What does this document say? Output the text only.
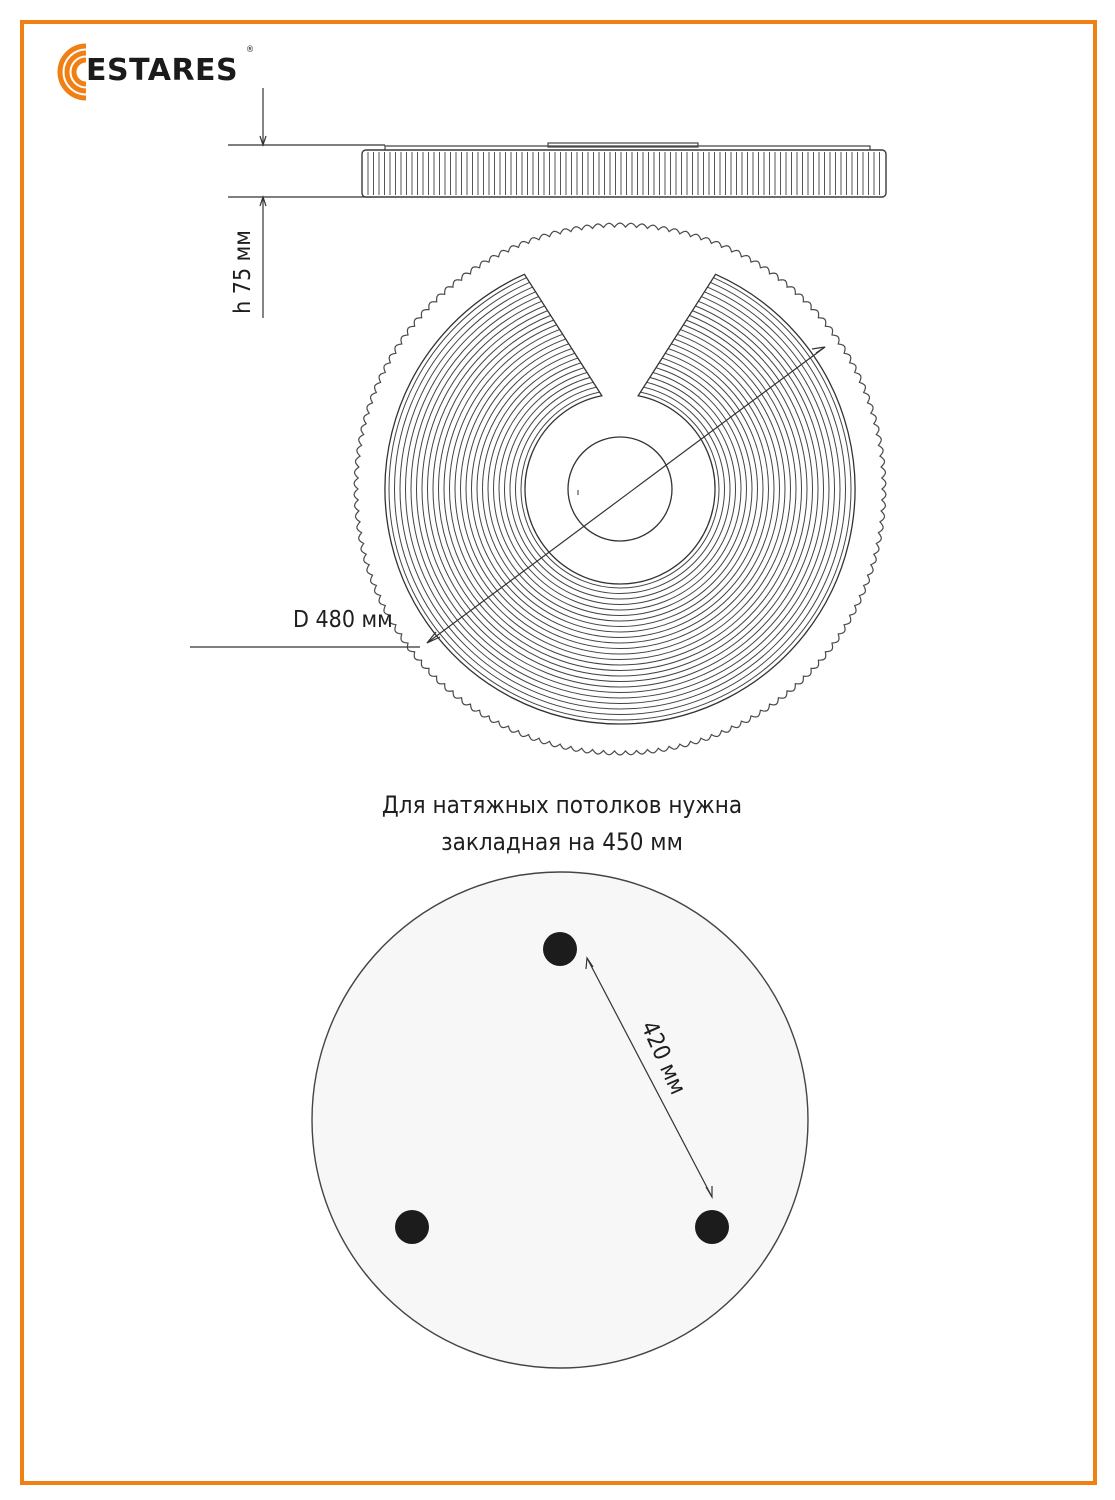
ESTARES
®
h 75 мм
D 480 мм
420 мм
Для натяжных потолков нужна
закладная на 450 мм
